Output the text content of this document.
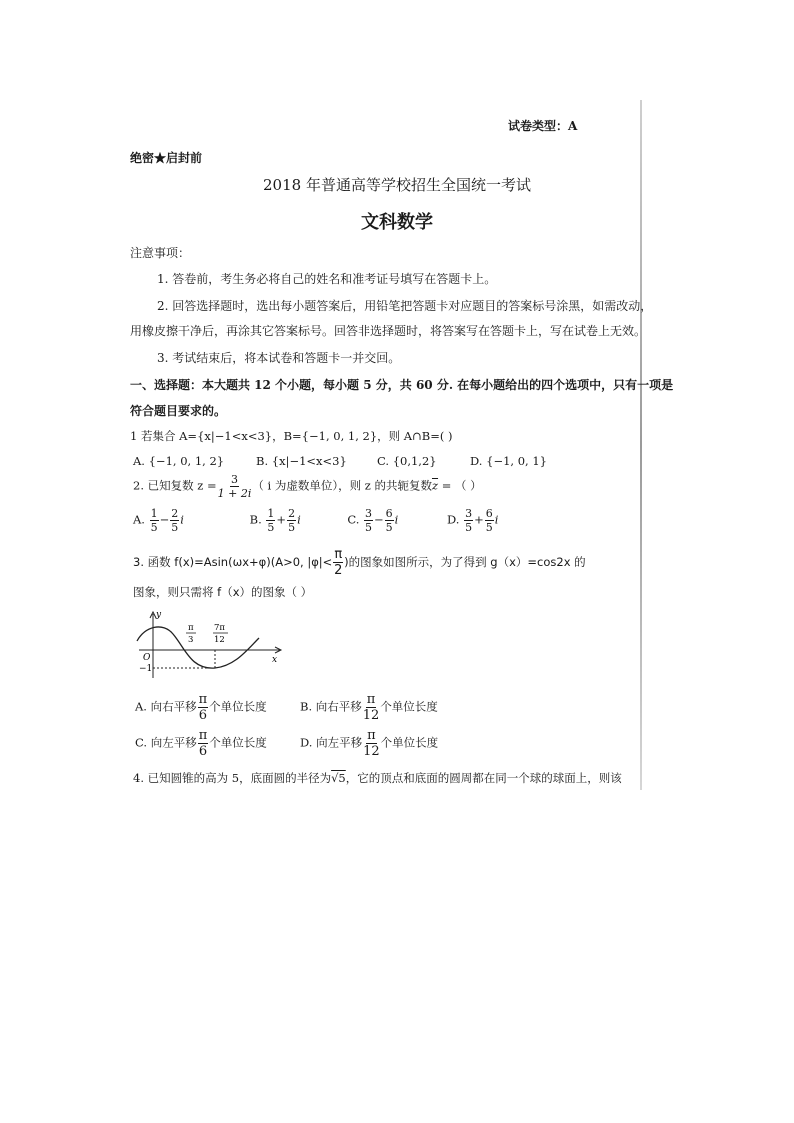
试卷类型：A
绝密★启封前
2018 年普通高等学校招生全国统一考试
文科数学
注意事项：
1. 答卷前，考生务必将自己的姓名和准考证号填写在答题卡上。
2. 回答选择题时，选出每小题答案后，用铅笔把答题卡对应题目的答案标号涂黑，如需改动，
用橡皮擦干净后，再涂其它答案标号。回答非选择题时，将答案写在答题卡上，写在试卷上无效。
3. 考试结束后，将本试卷和答题卡一并交回。
一、选择题：本大题共 12 个小题，每小题 5 分，共 60 分. 在每小题给出的四个选项中，只有一项是
符合题目要求的。
1 若集合 A={x|−1<x<3}，B={−1, 0, 1, 2}，则 A∩B=( )
A. {−1, 0, 1, 2}	B. {x|−1<x<3}	C. {0,1,2}	D. {−1, 0, 1}
2. 已知复数 $z = \frac{3}{1 + 2i}$ （ i 为虚数单位），则 z 的共轭复数$\overline{z}$ = （ ）
A. $\frac{1}{5} - \frac{2}{5}$ i	B. $\frac{1}{5} + \frac{2}{5}$ i	C. $\frac{3}{5} - \frac{6}{5}$ i	D. $\frac{3}{5} + \frac{6}{5}$ i
3. 函数 f(x)=Asin(ωx+φ)(A>0, $|\varphi|< \frac{\pi}{2}$ )的图象如图所示，为了得到 g（x）=cos2x 的
图象，则只需将 f（x）的图象（ ）
y
x
O
−1
π
3
7π
12
A. 向右平移 $\frac{\pi}{6}$ 个单位长度	B. 向右平移 $\frac{\pi}{12}$ 个单位长度
C. 向左平移 $\frac{\pi}{6}$ 个单位长度	D. 向左平移 $\frac{\pi}{12}$ 个单位长度
4. 已知圆锥的高为 5，底面圆的半径为√5，它的顶点和底面的圆周都在同一个球的球面上，则该
